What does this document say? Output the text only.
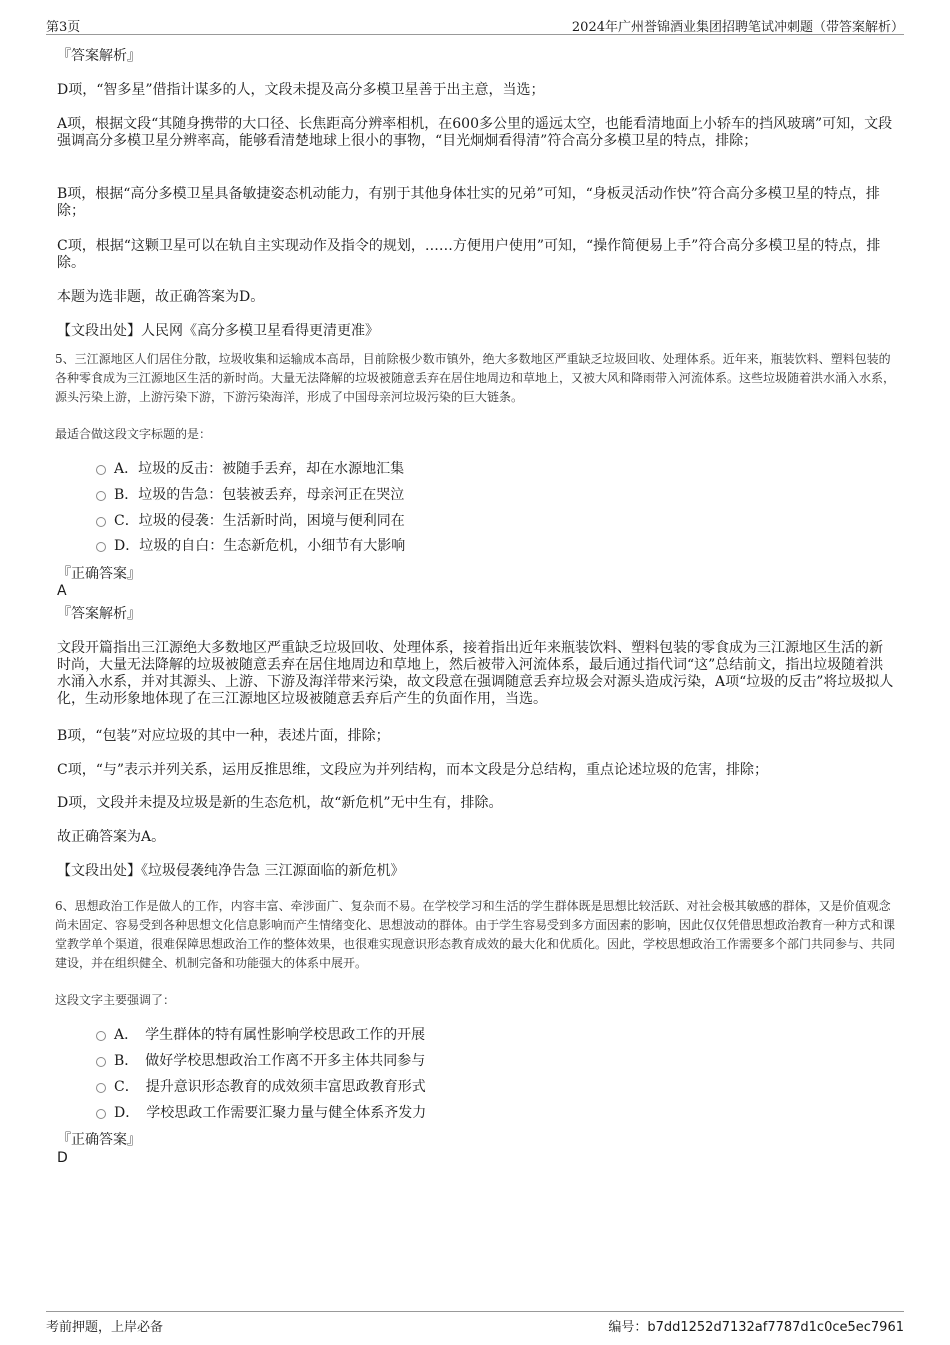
第3页	2024年广州誉锦酒业集团招聘笔试冲刺题（带答案解析）
『答案解析』

D项，“智多星”借指计谋多的人，文段未提及高分多模卫星善于出主意，当选；

A项，根据文段“其随身携带的大口径、长焦距高分辨率相机，在600多公里的遥远太空，也能看清地面上小轿车的挡风玻璃”可知，文段强调高分多模卫星分辨率高，能够看清楚地球上很小的事物，“目光炯炯看得清”符合高分多模卫星的特点，排除；

B项，根据“高分多模卫星具备敏捷姿态机动能力，有别于其他身体壮实的兄弟”可知，“身板灵活动作快”符合高分多模卫星的特点，排除；

C项，根据“这颗卫星可以在轨自主实现动作及指令的规划，……方便用户使用”可知，“操作简便易上手”符合高分多模卫星的特点，排除。

本题为选非题，故正确答案为D。

【文段出处】人民网《高分多模卫星看得更清更准》

5、三江源地区人们居住分散，垃圾收集和运输成本高昂，目前除极少数市镇外，绝大多数地区严重缺乏垃圾回收、处理体系。近年来，瓶装饮料、塑料包装的各种零食成为三江源地区生活的新时尚。大量无法降解的垃圾被随意丢弃在居住地周边和草地上，又被大风和降雨带入河流体系。这些垃圾随着洪水涌入水系，源头污染上游，上游污染下游，下游污染海洋，形成了中国母亲河垃圾污染的巨大链条。

最适合做这段文字标题的是：

A．垃圾的反击：被随手丢弃，却在水源地汇集
B．垃圾的告急：包装被丢弃，母亲河正在哭泣
C．垃圾的侵袭：生活新时尚，困境与便利同在
D．垃圾的自白：生态新危机，小细节有大影响
『正确答案』
A
『答案解析』

文段开篇指出三江源绝大多数地区严重缺乏垃圾回收、处理体系，接着指出近年来瓶装饮料、塑料包装的零食成为三江源地区生活的新时尚，大量无法降解的垃圾被随意丢弃在居住地周边和草地上，然后被带入河流体系，最后通过指代词“这”总结前文，指出垃圾随着洪水涌入水系，并对其源头、上游、下游及海洋带来污染，故文段意在强调随意丢弃垃圾会对源头造成污染，A项“垃圾的反击”将垃圾拟人化，生动形象地体现了在三江源地区垃圾被随意丢弃后产生的负面作用，当选。

B项，“包装”对应垃圾的其中一种，表述片面，排除；

C项，“与”表示并列关系，运用反推思维，文段应为并列结构，而本文段是分总结构，重点论述垃圾的危害，排除；

D项，文段并未提及垃圾是新的生态危机，故“新危机”无中生有，排除。

故正确答案为A。

【文段出处】《垃圾侵袭纯净告急 三江源面临的新危机》

6、思想政治工作是做人的工作，内容丰富、牵涉面广、复杂而不易。在学校学习和生活的学生群体既是思想比较活跃、对社会极其敏感的群体，又是价值观念尚未固定、容易受到各种思想文化信息影响而产生情绪变化、思想波动的群体。由于学生容易受到多方面因素的影响，因此仅仅凭借思想政治教育一种方式和课堂教学单个渠道，很难保障思想政治工作的整体效果，也很难实现意识形态教育成效的最大化和优质化。因此，学校思想政治工作需要多个部门共同参与、共同建设，并在组织健全、机制完备和功能强大的体系中展开。

这段文字主要强调了：

A．　学生群体的特有属性影响学校思政工作的开展
B．　做好学校思想政治工作离不开多主体共同参与
C．　提升意识形态教育的成效须丰富思政教育形式
D．　学校思政工作需要汇聚力量与健全体系齐发力
『正确答案』
D
考前押题，上岸必备	编号：b7dd1252d7132af7787d1c0ce5ec7961
